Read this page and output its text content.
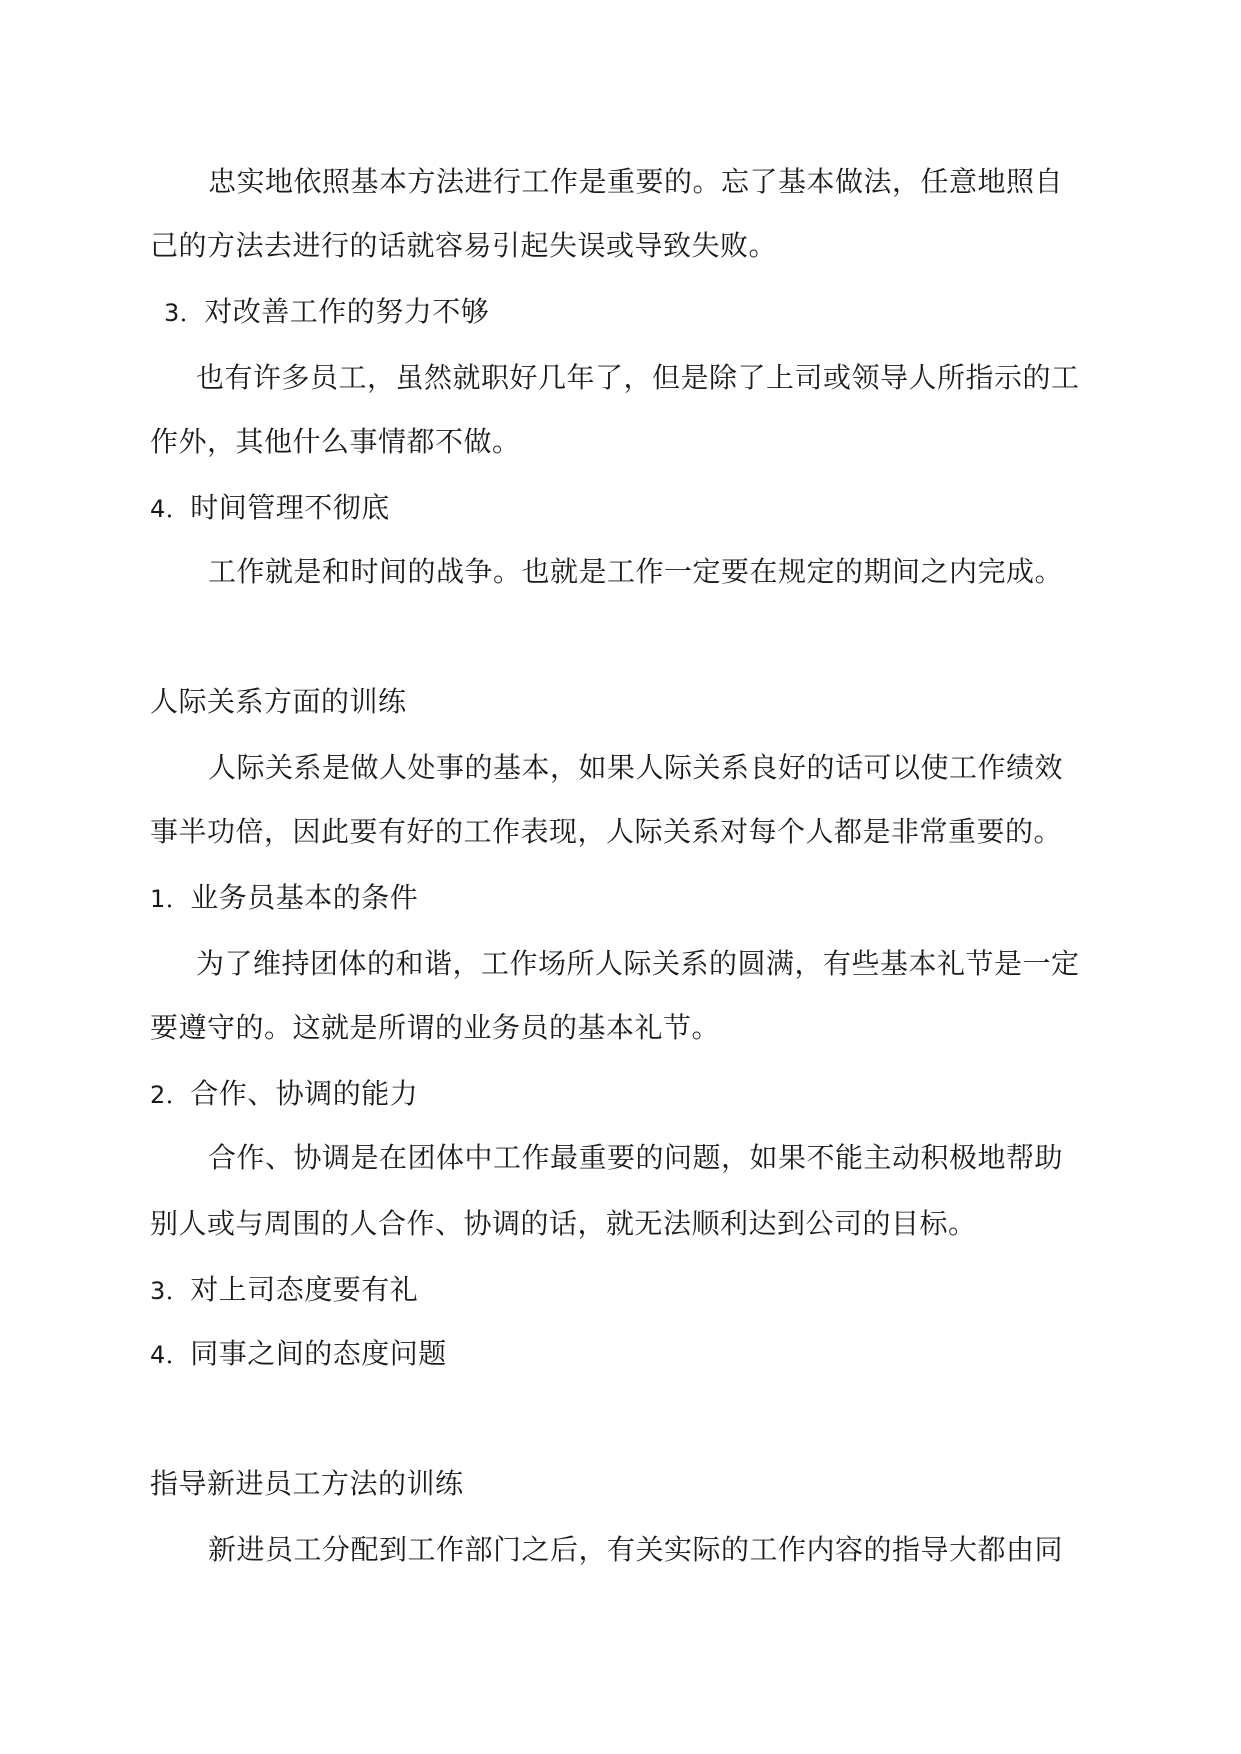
忠实地依照基本方法进行工作是重要的。忘了基本做法，任意地照自
己的方法去进行的话就容易引起失误或导致失败。
3．对改善工作的努力不够
也有许多员工，虽然就职好几年了，但是除了上司或领导人所指示的工
作外，其他什么事情都不做。
4．时间管理不彻底
工作就是和时间的战争。也就是工作一定要在规定的期间之内完成。
人际关系方面的训练
人际关系是做人处事的基本，如果人际关系良好的话可以使工作绩效
事半功倍，因此要有好的工作表现，人际关系对每个人都是非常重要的。
1．业务员基本的条件
为了维持团体的和谐，工作场所人际关系的圆满，有些基本礼节是一定
要遵守的。这就是所谓的业务员的基本礼节。
2．合作、协调的能力
合作、协调是在团体中工作最重要的问题，如果不能主动积极地帮助
别人或与周围的人合作、协调的话，就无法顺利达到公司的目标。
3．对上司态度要有礼
4．同事之间的态度问题
指导新进员工方法的训练
新进员工分配到工作部门之后，有关实际的工作内容的指导大都由同
